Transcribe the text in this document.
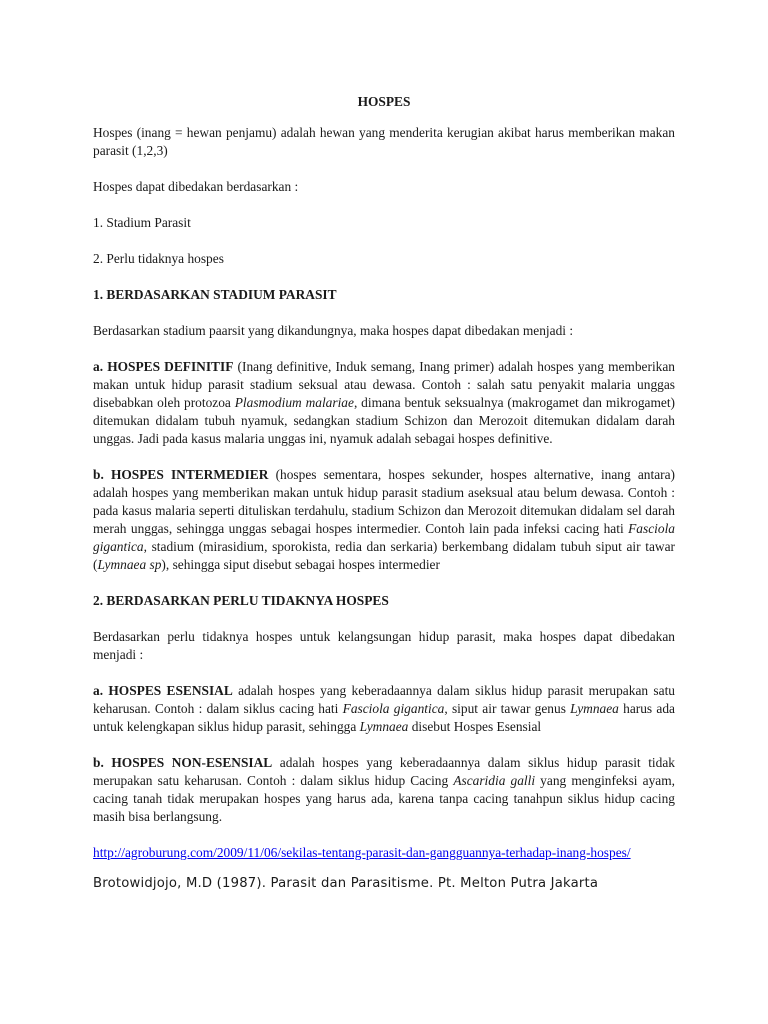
HOSPES

Hospes (inang = hewan penjamu) adalah hewan yang menderita kerugian akibat harus memberikan makan parasit (1,2,3)

Hospes dapat dibedakan berdasarkan :

1. Stadium Parasit

2. Perlu tidaknya hospes

1. BERDASARKAN STADIUM PARASIT

Berdasarkan stadium paarsit yang dikandungnya, maka hospes dapat dibedakan menjadi :

a. HOSPES DEFINITIF (Inang definitive, Induk semang, Inang primer) adalah hospes yang memberikan makan untuk hidup parasit stadium seksual atau dewasa. Contoh : salah satu penyakit malaria unggas disebabkan oleh protozoa Plasmodium malariae, dimana bentuk seksualnya (makrogamet dan mikrogamet) ditemukan didalam tubuh nyamuk, sedangkan stadium Schizon dan Merozoit ditemukan didalam darah unggas. Jadi pada kasus malaria unggas ini, nyamuk adalah sebagai hospes definitive.

b. HOSPES INTERMEDIER (hospes sementara, hospes sekunder, hospes alternative, inang antara) adalah hospes yang memberikan makan untuk hidup parasit stadium aseksual atau belum dewasa. Contoh : pada kasus malaria seperti dituliskan terdahulu, stadium Schizon dan Merozoit ditemukan didalam sel darah merah unggas, sehingga unggas sebagai hospes intermedier. Contoh lain pada infeksi cacing hati Fasciola gigantica, stadium (mirasidium, sporokista, redia dan serkaria) berkembang didalam tubuh siput air tawar (Lymnaea sp), sehingga siput disebut sebagai hospes intermedier

2. BERDASARKAN PERLU TIDAKNYA HOSPES

Berdasarkan perlu tidaknya hospes untuk kelangsungan hidup parasit, maka hospes dapat dibedakan menjadi :

a. HOSPES ESENSIAL adalah hospes yang keberadaannya dalam siklus hidup parasit merupakan satu keharusan. Contoh : dalam siklus cacing hati Fasciola gigantica, siput air tawar genus Lymnaea harus ada untuk kelengkapan siklus hidup parasit, sehingga Lymnaea disebut Hospes Esensial

b. HOSPES NON-ESENSIAL adalah hospes yang keberadaannya dalam siklus hidup parasit tidak merupakan satu keharusan. Contoh : dalam siklus hidup Cacing Ascaridia galli yang menginfeksi ayam, cacing tanah tidak merupakan hospes yang harus ada, karena tanpa cacing tanahpun siklus hidup cacing masih bisa berlangsung.

http://agroburung.com/2009/11/06/sekilas-tentang-parasit-dan-gangguannya-terhadap-inang-hospes/

Brotowidjojo, M.D (1987). Parasit dan Parasitisme. Pt. Melton Putra Jakarta
